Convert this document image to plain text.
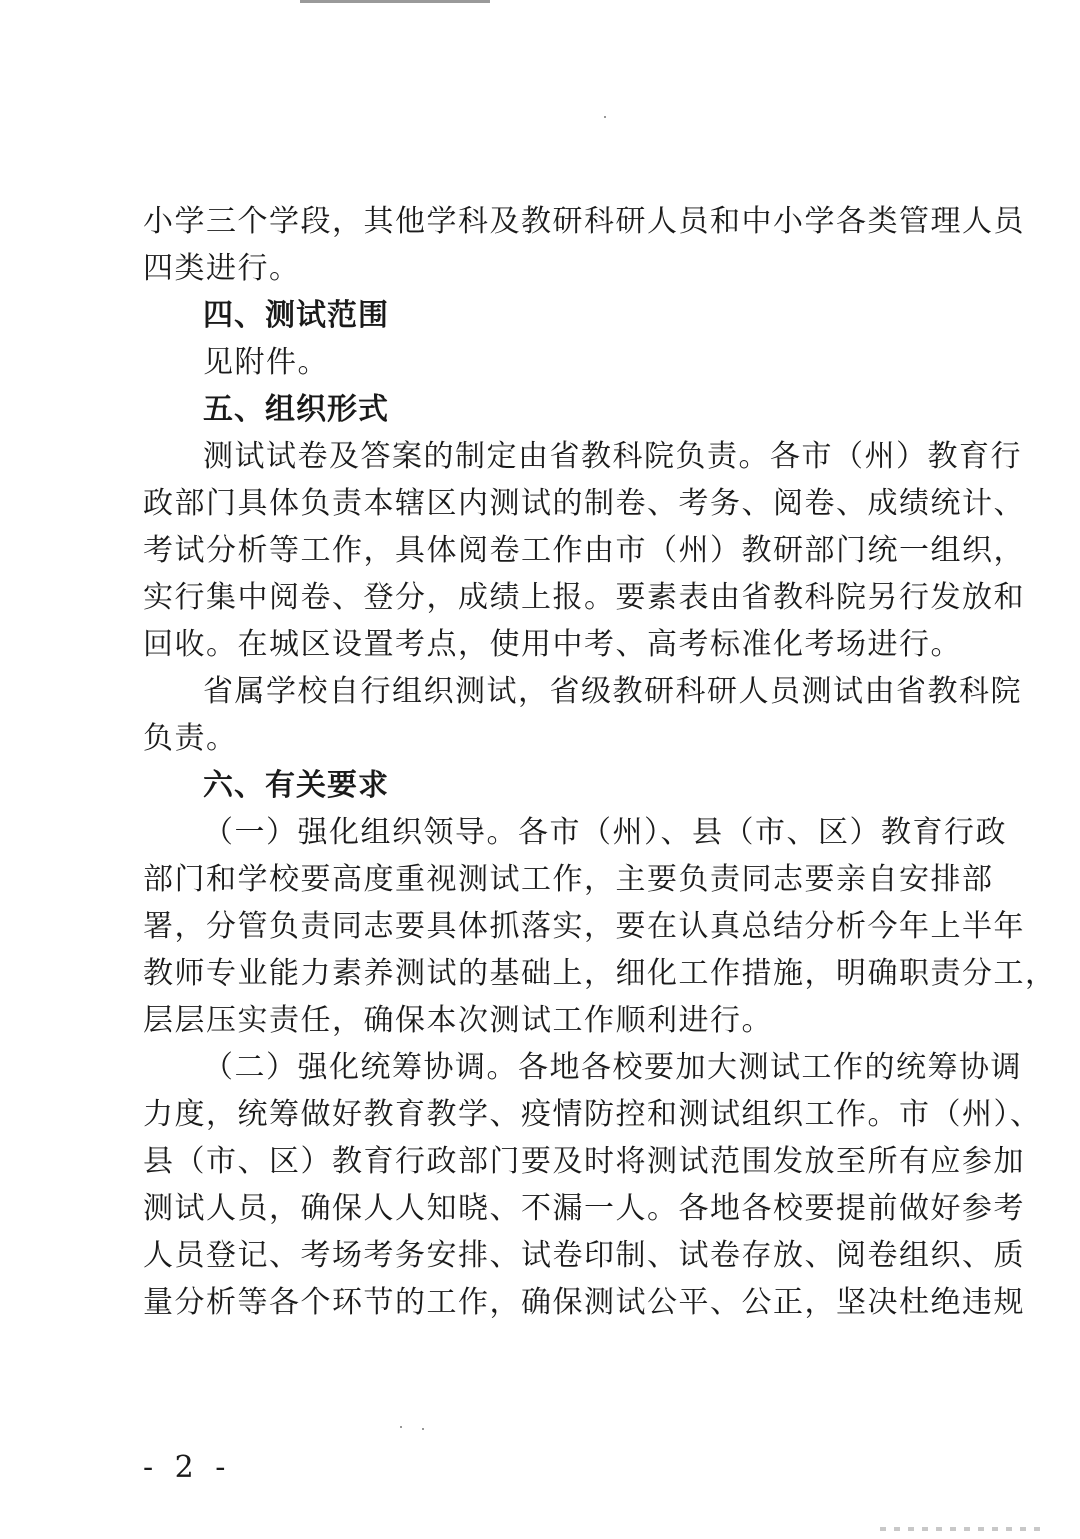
小学三个学段，其他学科及教研科研人员和中小学各类管理人员
四类进行。
四、测试范围
见附件。
五、组织形式
测试试卷及答案的制定由省教科院负责。各市（州）教育行
政部门具体负责本辖区内测试的制卷、考务、阅卷、成绩统计、
考试分析等工作，具体阅卷工作由市（州）教研部门统一组织，
实行集中阅卷、登分，成绩上报。要素表由省教科院另行发放和
回收。在城区设置考点，使用中考、高考标准化考场进行。
省属学校自行组织测试，省级教研科研人员测试由省教科院
负责。
六、有关要求
（一）强化组织领导。各市（州）、县（市、区）教育行政
部门和学校要高度重视测试工作，主要负责同志要亲自安排部
署，分管负责同志要具体抓落实，要在认真总结分析今年上半年
教师专业能力素养测试的基础上，细化工作措施，明确职责分工，
层层压实责任，确保本次测试工作顺利进行。
（二）强化统筹协调。各地各校要加大测试工作的统筹协调
力度，统筹做好教育教学、疫情防控和测试组织工作。市（州）、
县（市、区）教育行政部门要及时将测试范围发放至所有应参加
测试人员，确保人人知晓、不漏一人。各地各校要提前做好参考
人员登记、考场考务安排、试卷印制、试卷存放、阅卷组织、质
量分析等各个环节的工作，确保测试公平、公正，坚决杜绝违规
- 2 -
